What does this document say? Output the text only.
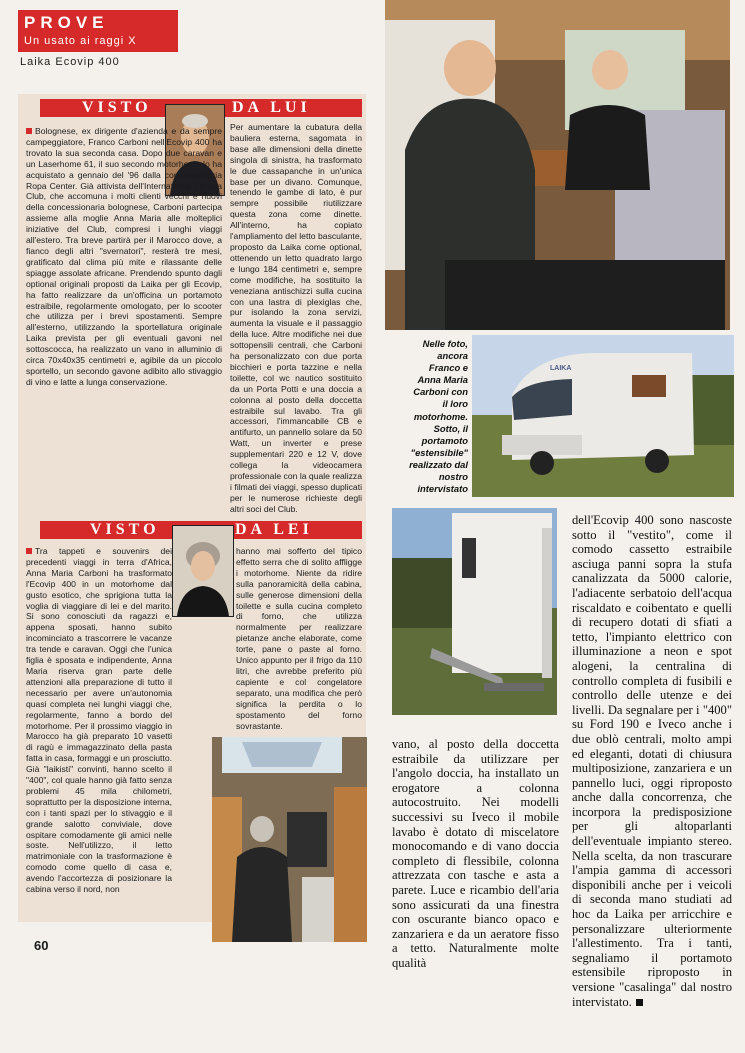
PROVE
Un usato ai raggi X
Laika Ecovip 400
VISTO	DA LUI

Bolognese, ex dirigente d'azienda e da sempre campeggiatore, Franco Carboni nell'Ecovip 400 ha trovato la sua seconda casa. Dopo due caravan e un Laserhome 61, il suo secondo motorhome lo ha acquistato a gennaio del '96 dalla concessionaria Ropa Center. Già attivista dell'International Europa Club, che accomuna i molti clienti vecchi e nuovi della concessionaria bolognese, Carboni partecipa assieme alla moglie Anna Maria alle molteplici iniziative del Club, compresi i lunghi viaggi all'estero. Tra breve partirà per il Marocco dove, a fianco degli altri "svernatori", resterà tre mesi, gratificato dal clima più mite e rilassante delle spiagge assolate africane. Prendendo spunto dagli optional originali proposti da Laika per gli Ecovip, ha fatto realizzare da un'officina un portamoto estraibile, regolarmente omologato, per lo scooter che utilizza per i brevi spostamenti. Sempre all'esterno, utilizzando la sportellatura originale Laika prevista per gli eventuali gavoni nel sottoscocca, ha realizzato un vano in alluminio di circa 70x40x35 centimetri e, agibile da un piccolo sportello, un secondo gavone adibito allo stivaggio di vino e latte a lunga conservazione.

Per aumentare la cubatura della bauliera esterna, sagomata in base alle dimensioni della dinette singola di sinistra, ha trasformato le due cassapanche in un'unica base per un divano. Comunque, tenendo le gambe di lato, è pur sempre possibile riutilizzare questa zona come dinette. All'interno, ha copiato l'ampliamento del letto basculante, proposto da Laika come optional, ottenendo un letto quadrato largo e lungo 184 centimetri e, sempre come modifiche, ha sostituito la veneziana antischizzi sulla cucina con una lastra di plexiglas che, pur isolando la zona servizi, aumenta la visuale e il passaggio della luce. Altre modifiche nei due sottopensili centrali, che Carboni ha personalizzato con due porta bicchieri e porta tazzine e nella toilette, col wc nautico sostituito da un Porta Potti e una doccia a colonna al posto della doccetta estraibile sul lavabo. Tra gli accessori, l'immancabile CB e antifurto, un pannello solare da 50 Watt, un inverter e prese supplementari 220 e 12 V, dove collega la videocamera professionale con la quale realizza i filmati dei viaggi, spesso duplicati per le numerose richieste degli altri soci del Club.

VISTO	DA LEI

Tra tappeti e souvenirs dei precedenti viaggi in terra d'Africa, Anna Maria Carboni ha trasformato l'Ecovip 400 in un motorhome dal gusto esotico, che sprigiona tutta la voglia di viaggiare di lei e del marito. Si sono conosciuti da ragazzi e, appena sposati, hanno subito incominciato a trascorrere le vacanze tra tende e caravan. Oggi che l'unica figlia è sposata e indipendente, Anna Maria riserva gran parte delle attenzioni alla preparazione di tutto il necessario per avere un'autonomia quasi completa nei lunghi viaggi che, regolarmente, fanno a bordo del motorhome. Per il prossimo viaggio in Marocco ha già preparato 10 vasetti di ragù e immagazzinato della pasta fatta in casa, formaggi e un prosciutto. Già "laikisti" convinti, hanno scelto il "400", col quale hanno già fatto senza problemi 45 mila chilometri, soprattutto per la disposizione interna, con i tanti spazi per lo stivaggio e il grande salotto conviviale, dove ospitare comodamente gli amici nelle soste. Nell'utilizzo, il letto matrimoniale con la trasformazione è comodo come quello di casa e, avendo l'accortezza di posizionare la cabina verso il nord, non

hanno mai sofferto del tipico effetto serra che di solito affligge i motorhome. Niente da ridire sulla panoramicità della cabina, sulle generose dimensioni della toilette e sulla cucina completo di forno, che utilizza normalmente per realizzare pietanze anche elaborate, come torte, pane o paste al forno. Unico appunto per il frigo da 110 litri, che avrebbe preferito più capiente e col congelatore separato, una modifica che però significa la perdita o lo spostamento del forno sovrastante.

Nelle foto, ancora Franco e Anna Maria Carboni con il loro motorhome. Sotto, il portamoto "estensibile" realizzato dal nostro intervistato
LAIKA
vano, al posto della doccetta estraibile da utilizzare per l'angolo doccia, ha installato un erogatore a colonna autocostruito. Nei modelli successivi su Iveco il mobile lavabo è dotato di miscelatore monocomando e di vano doccia completo di flessibile, colonna attrezzata con tasche e asta a parete. Luce e ricambio dell'aria sono assicurati da una finestra con oscurante bianco opaco e zanzariera e da un aeratore fisso a tetto. Naturalmente molte qualità
dell'Ecovip 400 sono nascoste sotto il "vestito", come il comodo cassetto estraibile asciuga panni sopra la stufa canalizzata da 5000 calorie, l'adiacente serbatoio dell'acqua riscaldato e coibentato e quelli di recupero dotati di sfiati a tetto, l'impianto elettrico con illuminazione a neon e spot alogeni, la centralina di controllo completa di fusibili e controllo delle utenze e dei livelli. Da segnalare per i "400" su Ford 190 e Iveco anche i due oblò centrali, molto ampi ed eleganti, dotati di chiusura multiposizione, zanzariera e un pannello luci, oggi riproposto anche dalla concorrenza, che incorpora la predisposizione per gli altoparlanti dell'eventuale impianto stereo. Nella scelta, da non trascurare l'ampia gamma di accessori disponibili anche per i veicoli di seconda mano studiati ad hoc da Laika per arricchire e personalizzare ulteriormente l'allestimento. Tra i tanti, segnaliamo il portamoto estensibile riproposto in versione "casalinga" dal nostro intervistato.
60
